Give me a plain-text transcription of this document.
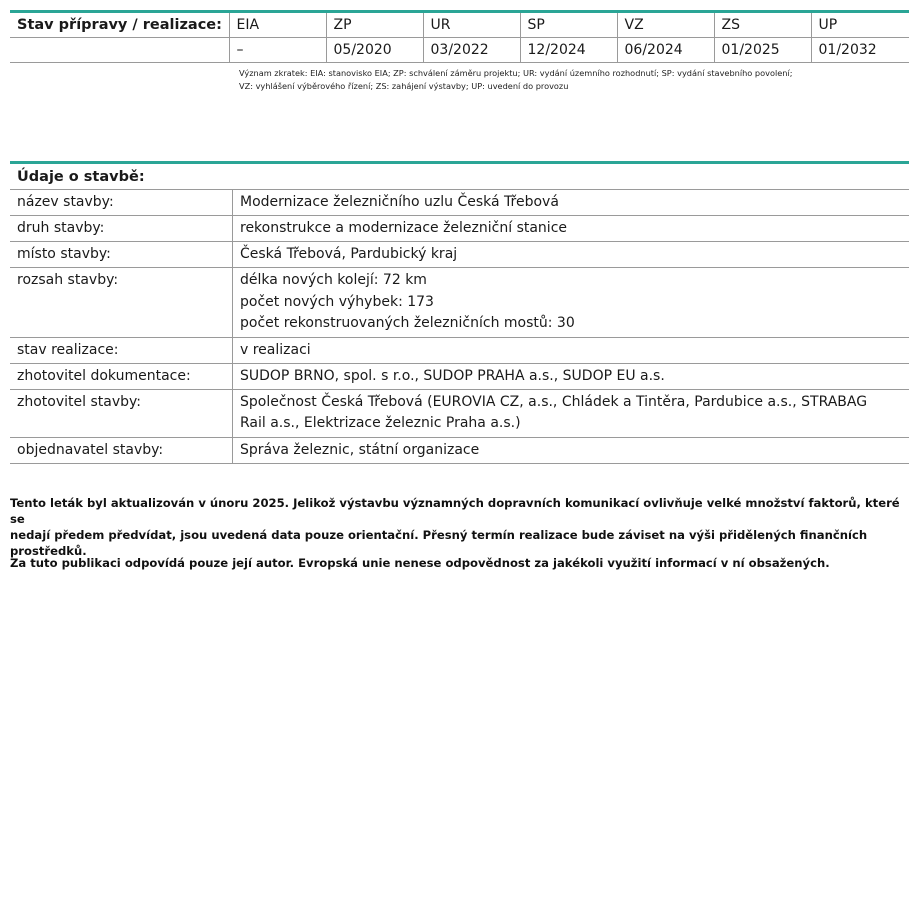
Stav přípravy / realizace:	EIA	ZP	UR	SP	VZ	ZS	UP
	–	05/2020	03/2022	12/2024	06/2024	01/2025	01/2032
Význam zkratek: EIA: stanovisko EIA; ZP: schválení záměru projektu; UR: vydání územního rozhodnutí; SP: vydání stavebního povolení;
VZ: vyhlášení výběrového řízení; ZS: zahájení výstavby; UP: uvedení do provozu
Údaje o stavbě:
název stavby:	Modernizace železničního uzlu Česká Třebová
druh stavby:	rekonstrukce a modernizace železniční stanice
místo stavby:	Česká Třebová, Pardubický kraj
rozsah stavby:	délka nových kolejí: 72 km
počet nových výhybek: 173
počet rekonstruovaných železničních mostů: 30
stav realizace:	v realizaci
zhotovitel dokumentace:	SUDOP BRNO, spol. s r.o., SUDOP PRAHA a.s., SUDOP EU a.s.
zhotovitel stavby:	Společnost Česká Třebová (EUROVIA CZ, a.s., Chládek a Tintěra, Pardubice a.s., STRABAG
Rail a.s., Elektrizace železnic Praha a.s.)
objednavatel stavby:	Správa železnic, státní organizace
Tento leták byl aktualizován v únoru 2025. Jelikož výstavbu významných dopravních komunikací ovlivňuje velké množství faktorů, které se
nedají předem předvídat, jsou uvedená data pouze orientační. Přesný termín realizace bude záviset na výši přidělených finančních prostředků.
Za tuto publikaci odpovídá pouze její autor. Evropská unie nenese odpovědnost za jakékoli využití informací v ní obsažených.
